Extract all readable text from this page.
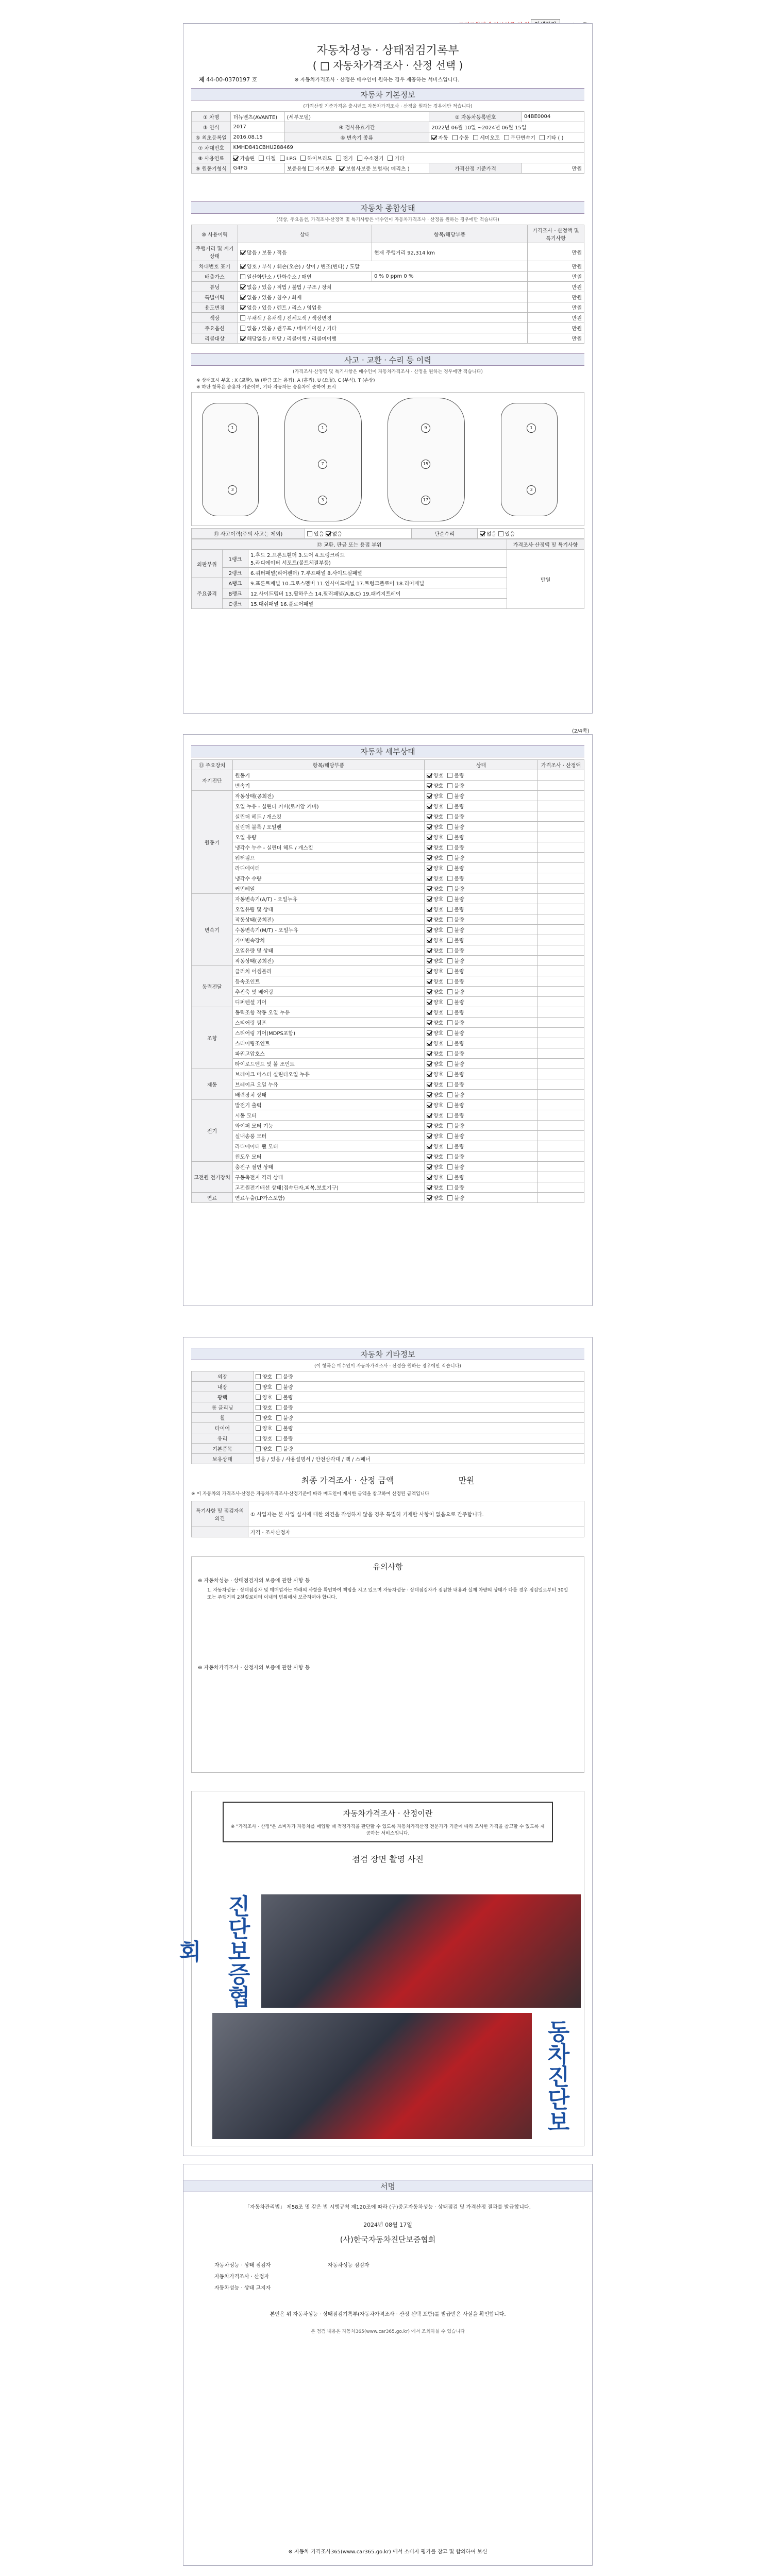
자동차성능 · 상태점검기록부
( □ 자동차가격조사 · 산정 선택 )
제 44-00-0370197 호	※ 자동차가격조사 · 산정은 매수인이 원하는 경우 제공하는 서비스입니다.
자동차 기본정보
(가격산정 기준가격은 출시년도 자동차가격조사 · 산정을 원하는 경우에만 적습니다)
① 차명	더뉴벤츠(AVANTE)	(세부모델)	② 자동차등록번호	04BE0004
③ 연식	2017	④ 검사유효기간	2022년 06월 10일 ~2024년 06월 15일	
⑤ 최초등록일	2016.08.15	⑥ 변속기 종류	자동 수동 세미오토 무단변속기 기타 ( )	
⑦ 차대번호	KMHD841CBHU288469			
⑧ 사용연료	가솔린 디젤 LPG 하이브리드 전기 수소전기 기타			
⑨ 원동기형식	G4FG	보증유형 자가보증 보험사보증 보험사( 메리츠 )	가격산정 기준가격	만원
자동차 종합상태
(색상, 주요옵션, 가격조사·산정액 및 특기사항은 매수인이 자동차가격조사 · 산정을 원하는 경우에만 적습니다)
⑩ 사용이력	상태	항목/해당부품	가격조사 · 산정액 및 특기사항
주행거리 및 계기상태	많음 / 보통 / 적음	현재 주행거리 92,314 km	만원
차대번호 표기	양호 / 부식 / 훼손(오손) / 상이 / 변조(변타) / 도말		만원
배출가스	일산화탄소 / 탄화수소 / 매연	0 % 0 ppm 0 %	만원
튜닝	없음 / 있음 / 적법 / 불법 / 구조 / 장치		만원
특별이력	없음 / 있음 / 침수 / 화재		만원
용도변경	없음 / 있음 / 렌트 / 리스 / 영업용		만원
색상	무채색 / 유채색 / 전체도색 / 색상변경		만원
주요옵션	없음 / 있음 / 썬루프 / 네비게이션 / 기타		만원
리콜대상	해당없음 / 해당 / 리콜이행 / 리콜미이행		만원
사고 · 교환 · 수리 등 이력
(가격조사·산정액 및 특기사항은 매수인이 자동차가격조사 · 산정을 원하는 경우에만 적습니다)
※ 상태표시 부호 : X (교환), W (판금 또는 용접), A (흠집), U (요철), C (부식), T (손상)
※ 하단 항목은 승용차 기준이며, 기타 자동차는 승용차에 준하여 표시
1
3
1
7
3
9
15
17
1
3
⑪ 사고이력(주의 사고는 제외)	있음 없음	단순수리	없음 있음
⑫ 교환, 판금 또는 용접 부위			가격조사·산정액 및 특기사항
외판부위	1랭크	1.후드 2.프론트휀더 3.도어 4.트렁크리드
5.라디에이터 서포트(볼트체결부품)	만원
	2랭크	6.쿼터패널(리어펜더) 7.루프패널 8.사이드실패널	
주요골격	A랭크	9.프론트패널 10.크로스멤버 11.인사이드패널 17.트렁크플로어 18.리어패널	
	B랭크	12.사이드멤버 13.휠하우스 14.필러패널(A,B,C) 19.패키지트레이	
	C랭크	15.대쉬패널 16.플로어패널	
(2/4쪽)
자동차 세부상태
⑬ 주요장치	항목/해당부품	상태	가격조사 · 산정액
자기진단	원동기	양호 불량	
	변속기	양호 불량	
원동기	작동상태(공회전)	양호 불량	
	오일 누유 - 실린더 커버(로커암 커버)	양호 불량	
	실린더 헤드 / 개스킷	양호 불량	
	실린더 블록 / 오일팬	양호 불량	
	오일 유량	양호 불량	
	냉각수 누수 - 실린더 헤드 / 개스킷	양호 불량	
	워터펌프	양호 불량	
	라디에이터	양호 불량	
	냉각수 수량	양호 불량	
	커먼레일	양호 불량	
변속기	자동변속기(A/T) - 오일누유	양호 불량	
	오일유량 및 상태	양호 불량	
	작동상태(공회전)	양호 불량	
	수동변속기(M/T) - 오일누유	양호 불량	
	기어변속장치	양호 불량	
	오일유량 및 상태	양호 불량	
	작동상태(공회전)	양호 불량	
동력전달	클러치 어셈블리	양호 불량	
	등속조인트	양호 불량	
	추진축 및 베어링	양호 불량	
	디퍼렌셜 기어	양호 불량	
조향	동력조향 작동 오일 누유	양호 불량	
	스티어링 펌프	양호 불량	
	스티어링 기어(MDPS포함)	양호 불량	
	스티어링조인트	양호 불량	
	파워고압호스	양호 불량	
	타이로드엔드 및 볼 조인트	양호 불량	
제동	브레이크 마스터 실린더오일 누유	양호 불량	
	브레이크 오일 누유	양호 불량	
	배력장치 상태	양호 불량	
전기	발전기 출력	양호 불량	
	시동 모터	양호 불량	
	와이퍼 모터 기능	양호 불량	
	실내송풍 모터	양호 불량	
	라디에이터 팬 모터	양호 불량	
	윈도우 모터	양호 불량	
고전원 전기장치	충전구 절연 상태	양호 불량	
	구동축전지 격리 상태	양호 불량	
	고전원전기배선 상태(접속단자,피복,보호기구)	양호 불량	
연료	연료누출(LP가스포함)	양호 불량	
자동차 기타정보
(이 항목은 매수인이 자동차가격조사 · 산정을 원하는 경우에만 적습니다)
외장	양호 불량
내장	양호 불량
광택	양호 불량
룸 클리닝	양호 불량
휠	양호 불량
타이어	양호 불량
유리	양호 불량
기본품목	양호 불량
보유상태	없음 / 있음 / 사용설명서 / 안전삼각대 / 잭 / 스패너
최종 가격조사 · 산정 금액	만원
※ 이 자동차의 가격조사·산정은 자동차가격조사·산정기준에 따라 매도인이 제시한 금액을 참고하여 산정된 금액입니다
특기사항 및 점검자의 의견	① 사업자는 본 사업 실시에 대한 의견을 작성하지 않을 경우 특별히 기재할 사항이 없음으로 간주합니다.
	가격 · 조사산정자
유의사항
※ 자동차성능 · 상태점검자의 보증에 관한 사항 등
1. 자동차성능 · 상태점검자 및 매매업자는 아래의 사항을 확인하여 책임을 지고 있으며 자동차성능 · 상태점검자가 점검한 내용과 실제 차량의 상태가 다를 경우 점검일로부터 30일 또는 주행거리 2천킬로미터 이내의 범위에서 보증하여야 합니다.
※ 자동차가격조사 · 산정자의 보증에 관한 사항 등
자동차가격조사 · 산정이란
※ "가격조사 · 산정"은 소비자가 자동차를 매입할 때 적정가격을 판단할 수 있도록 자동차가격산정 전문가가 기준에 따라 조사한 가격을 참고할 수 있도록 제공하는 서비스입니다.
점검 장면 촬영 사진
진단보증협회
동차진단보
서명
「자동차관리법」 제58조 및 같은 법 시행규칙 제120조에 따라 (구)중고자동차성능 · 상태점검 및 가격산정 결과를 발급합니다.
2024년 08월 17일
(사)한국자동차진단보증협회
자동차성능 · 상태 점검자	자동차성능 점검자
자동차가격조사 · 산정자
자동차성능 · 상태 고지자
본인은 위 자동차성능 · 상태점검기록부(자동차가격조사 · 산정 선택 포함)를 발급받은 사실을 확인합니다.
본 점검 내용은 자동차365(www.car365.go.kr) 에서 조회하실 수 있습니다
※ 자동차 가격조사365(www.car365.go.kr) 에서 소비자 평가를 참고 및 합의하여 보신
